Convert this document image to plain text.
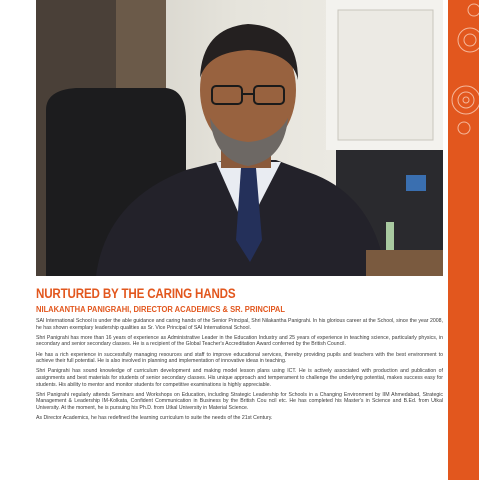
NURTURED BY THE CARING HANDS
NILAKANTHA PANIGRAHI, DIRECTOR ACADEMICS & SR. PRINCIPAL

SAI International School is under the able guidance and caring hands of the Senior Principal, Shri Nilakantha Panigrahi. In his glorious career at the School, since the year 2008, he has shown exemplary leadership qualities as Sr. Vice Principal of SAI International School.

Shri Panigrahi has more than 16 years of experience as Administrative Leader in the Education Industry and 25 years of experience in teaching science, particularly physics, in secondary and senior secondary classes. He is a recipient of the Global Teacher's Accreditation Award conferred by the British Council.

He has a rich experience in successfully managing resources and staff to improve educational services, thereby providing pupils and teachers with the best environment to achieve their full potential. He is also involved in planning and implementation of innovative ideas in teaching.

Shri Panigrahi has sound knowledge of curriculum development and making model lesson plans using ICT. He is actively associated with production and publication of assignments and best materials for students of senior secondary classes. His unique approach and temperament to challenge the underlying potential, makes success easy for students. His ability to mentor and monitor students for competitive examinations is highly appreciable.

Shri Panigrahi regularly attends Seminars and Workshops on Education, including Strategic Leadership for Schools in a Changing Environment by IIM Ahmedabad, Strategic Management & Leadership IM-Kolkata, Confident Communication in Business by the British Cou ncil etc. He has completed his Master's in Science and B.Ed. from Utkal University. At the moment, he is pursuing his Ph.D. from Utkal University in Material Science.

As Director Academics, he has redefined the learning curriculum to suite the needs of the 21st Century.
